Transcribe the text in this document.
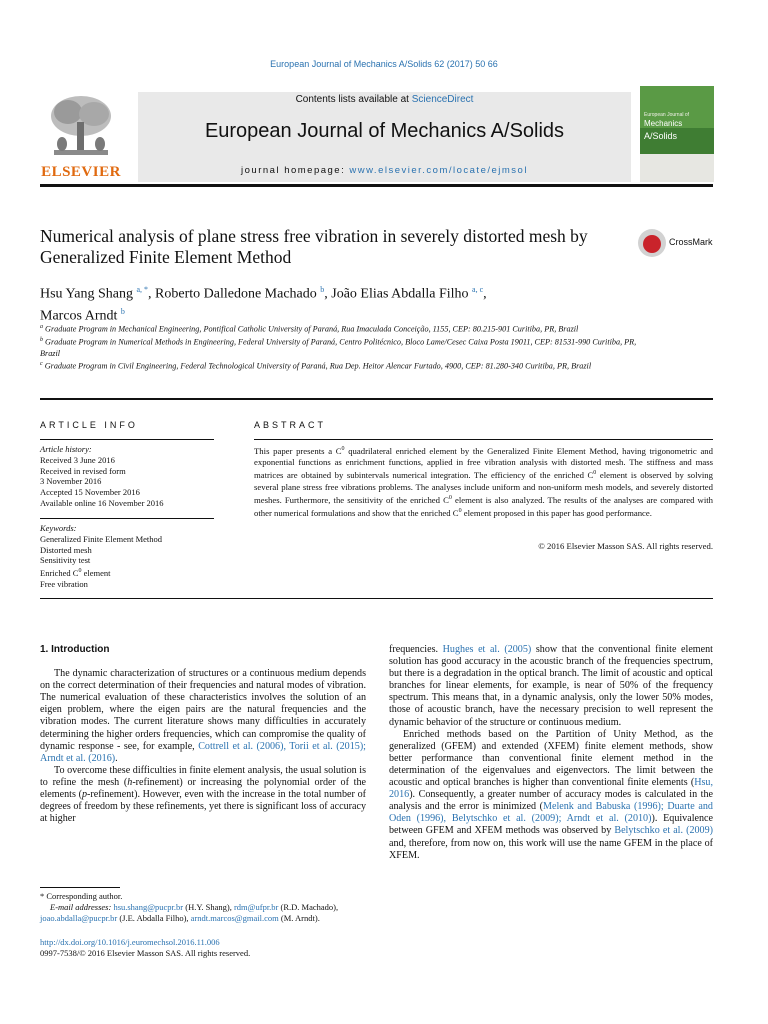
European Journal of Mechanics A/Solids 62 (2017) 50 66
ELSEVIER
Contents lists available at ScienceDirect
European Journal of Mechanics A/Solids
journal homepage: www.elsevier.com/locate/ejmsol
European Journal of
Mechanics
A/Solids
Numerical analysis of plane stress free vibration in severely distorted mesh by Generalized Finite Element Method
CrossMark
Hsu Yang Shang $^{a, *}$, Roberto Dalledone Machado $^b$, João Elias Abdalla Filho $^{a, c}$,
Marcos Arndt $^b$

$^a$ Graduate Program in Mechanical Engineering, Pontifical Catholic University of Paraná, Rua Imaculada Conceição, 1155, CEP: 80.215-901 Curitiba, PR, Brazil

$^b$ Graduate Program in Numerical Methods in Engineering, Federal University of Paraná, Centro Politécnico, Bloco Lame/Cesec Caixa Posta 19011, CEP: 81531-990 Curitiba, PR, Brazil

$^c$ Graduate Program in Civil Engineering, Federal Technological University of Paraná, Rua Dep. Heitor Alencar Furtado, 4900, CEP: 81.280-340 Curitiba, PR, Brazil

ARTICLE INFO

Article history:

Received 3 June 2016

Received in revised form

3 November 2016

Accepted 15 November 2016

Available online 16 November 2016

Keywords:

Generalized Finite Element Method

Distorted mesh

Sensitivity test

Enriched $C^0$ element

Free vibration

ABSTRACT
This paper presents a $C^0$ quadrilateral enriched element by the Generalized Finite Element Method, having trigonometric and exponential functions as enrichment functions, applied in free vibration analysis with distorted mesh. The stiffness and mass matrices are obtained by subintervals numerical integration. The efficiency of the enriched $C^0$ element is observed by solving several plane stress free vibrations problems. The analyses include uniform and non-uniform mesh models, and severely distorted meshes. Furthermore, the sensitivity of the enriched $C^0$ element is also analyzed. The results of the analyses are compared with other numerical formulations and show that the enriched $C^0$ element proposed in this paper has good performance.
© 2016 Elsevier Masson SAS. All rights reserved.

1. Introduction

The dynamic characterization of structures or a continuous medium depends on the correct determination of their frequencies and natural modes of vibration. The numerical evaluation of these characteristics involves the solution of an eigen problem, where the eigen pairs are the natural frequencies and the vibration modes. The current literature shows many difficulties in accurately determining the higher orders frequencies, which can compromise the quality of dynamic response - see, for example, Cottrell et al. (2006), Torii et al. (2015); Arndt et al. (2016).

To overcome these difficulties in finite element analysis, the usual solution is to refine the mesh (h-refinement) or increasing the polynomial order of the elements (p-refinement). However, even with the increase in the total number of degrees of freedom by these refinements, yet there is significant loss of accuracy at higher

frequencies. Hughes et al. (2005) show that the conventional finite element solution has good accuracy in the acoustic branch of the frequencies spectrum, but there is a degradation in the optical branch. The limit of acoustic and optical branches for linear elements, for example, is near of 50% of the frequency spectrum. This means that, in a dynamic analysis, only the lower 50% modes, those of acoustic branch, have the necessary precision to well represent the dynamic behavior of the structure or continuous medium.

Enriched methods based on the Partition of Unity Method, as the generalized (GFEM) and extended (XFEM) finite element methods, show better performance than conventional finite element method in the determination of the eigenvalues and eigenvectors. The limit between the acoustic and optical branches is higher than conventional finite elements (Hsu, 2016). Consequently, a greater number of accuracy modes is calculated in the analysis and the error is minimized (Melenk and Babuska (1996); Duarte and Oden (1996), Belytschko et al. (2009); Arndt et al. (2010)). Equivalence between GFEM and XFEM methods was observed by Belytschko et al. (2009) and, therefore, from now on, this work will use the name GFEM in the place of XFEM.

* Corresponding author.

E-mail addresses: hsu.shang@pucpr.br (H.Y. Shang), rdm@ufpr.br (R.D. Machado),

joao.abdalla@pucpr.br (J.E. Abdalla Filho), arndt.marcos@gmail.com (M. Arndt).

http://dx.doi.org/10.1016/j.euromechsol.2016.11.006

0997-7538/© 2016 Elsevier Masson SAS. All rights reserved.
